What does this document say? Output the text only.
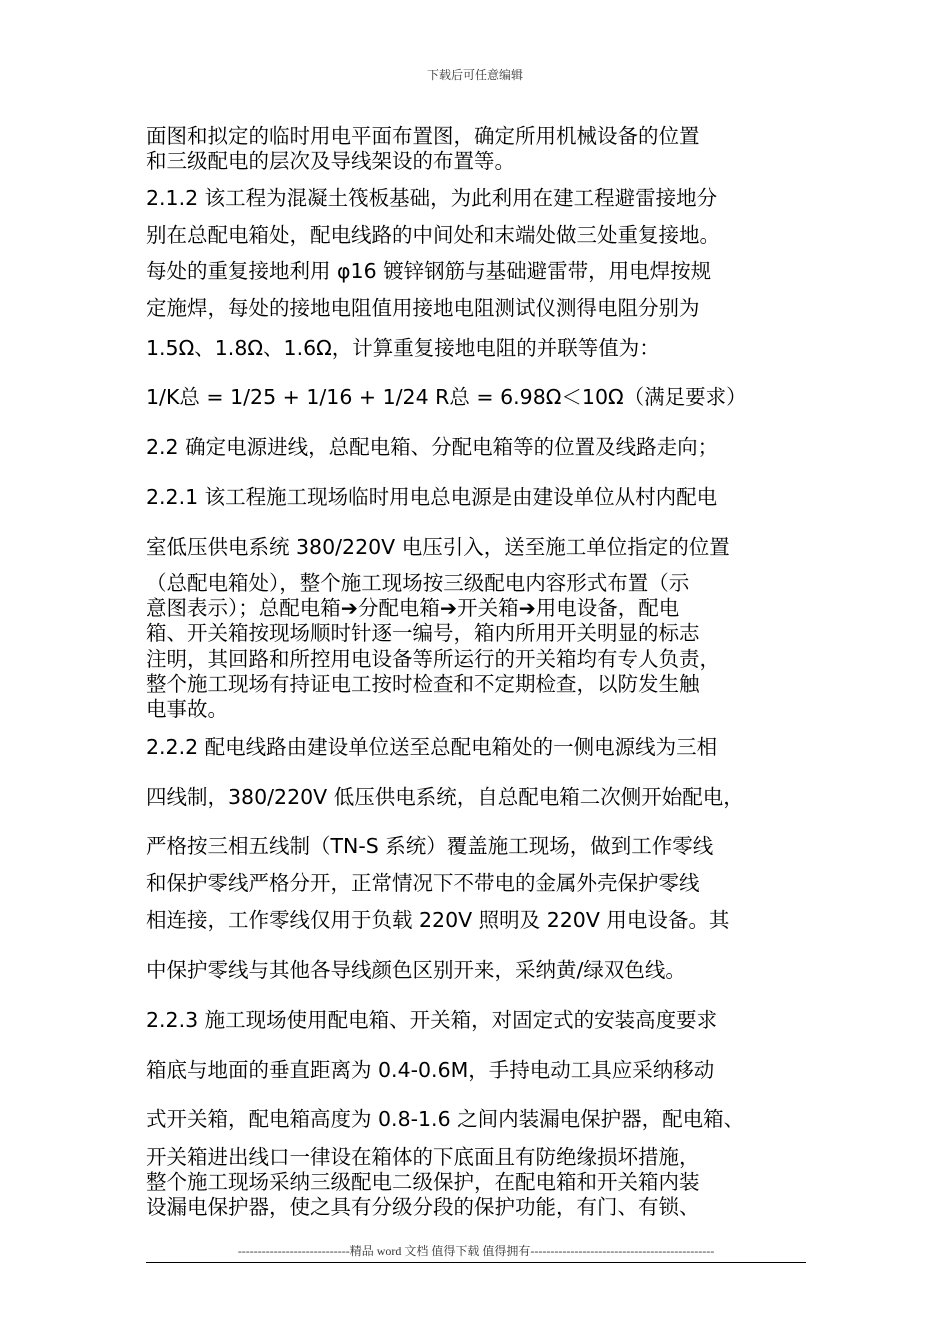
下载后可任意编辑
面图和拟定的临时用电平面布置图，确定所用机械设备的位置
和三级配电的层次及导线架设的布置等。
2.1.2 该工程为混凝土筏板基础，为此利用在建工程避雷接地分
别在总配电箱处，配电线路的中间处和末端处做三处重复接地。
每处的重复接地利用 φ16 镀锌钢筋与基础避雷带，用电焊按规
定施焊，每处的接地电阻值用接地电阻测试仪测得电阻分别为
1.5Ω、1.8Ω、1.6Ω，计算重复接地电阻的并联等值为：
1/K总 = 1/25 + 1/16 + 1/24 R总 = 6.98Ω＜10Ω（满足要求）
2.2 确定电源进线，总配电箱、分配电箱等的位置及线路走向；
2.2.1 该工程施工现场临时用电总电源是由建设单位从村内配电
室低压供电系统 380/220V 电压引入，送至施工单位指定的位置
（总配电箱处），整个施工现场按三级配电内容形式布置（示
意图表示）；总配电箱➔分配电箱➔开关箱➔用电设备，配电
箱、开关箱按现场顺时针逐一编号，箱内所用开关明显的标志
注明，其回路和所控用电设备等所运行的开关箱均有专人负责，
整个施工现场有持证电工按时检查和不定期检查，以防发生触
电事故。
2.2.2 配电线路由建设单位送至总配电箱处的一侧电源线为三相
四线制，380/220V 低压供电系统，自总配电箱二次侧开始配电，
严格按三相五线制（TN-S 系统）覆盖施工现场，做到工作零线
和保护零线严格分开，正常情况下不带电的金属外壳保护零线
相连接，工作零线仅用于负载 220V 照明及 220V 用电设备。其
中保护零线与其他各导线颜色区别开来，采纳黄/绿双色线。
2.2.3 施工现场使用配电箱、开关箱，对固定式的安装高度要求
箱底与地面的垂直距离为 0.4-0.6M，手持电动工具应采纳移动
式开关箱，配电箱高度为 0.8-1.6 之间内装漏电保护器，配电箱、
开关箱进出线口一律设在箱体的下底面且有防绝缘损坏措施，
整个施工现场采纳三级配电二级保护，在配电箱和开关箱内装
设漏电保护器，使之具有分级分段的保护功能，有门、有锁、
----------------------------精品 word 文档 值得下载 值得拥有----------------------------------------------
